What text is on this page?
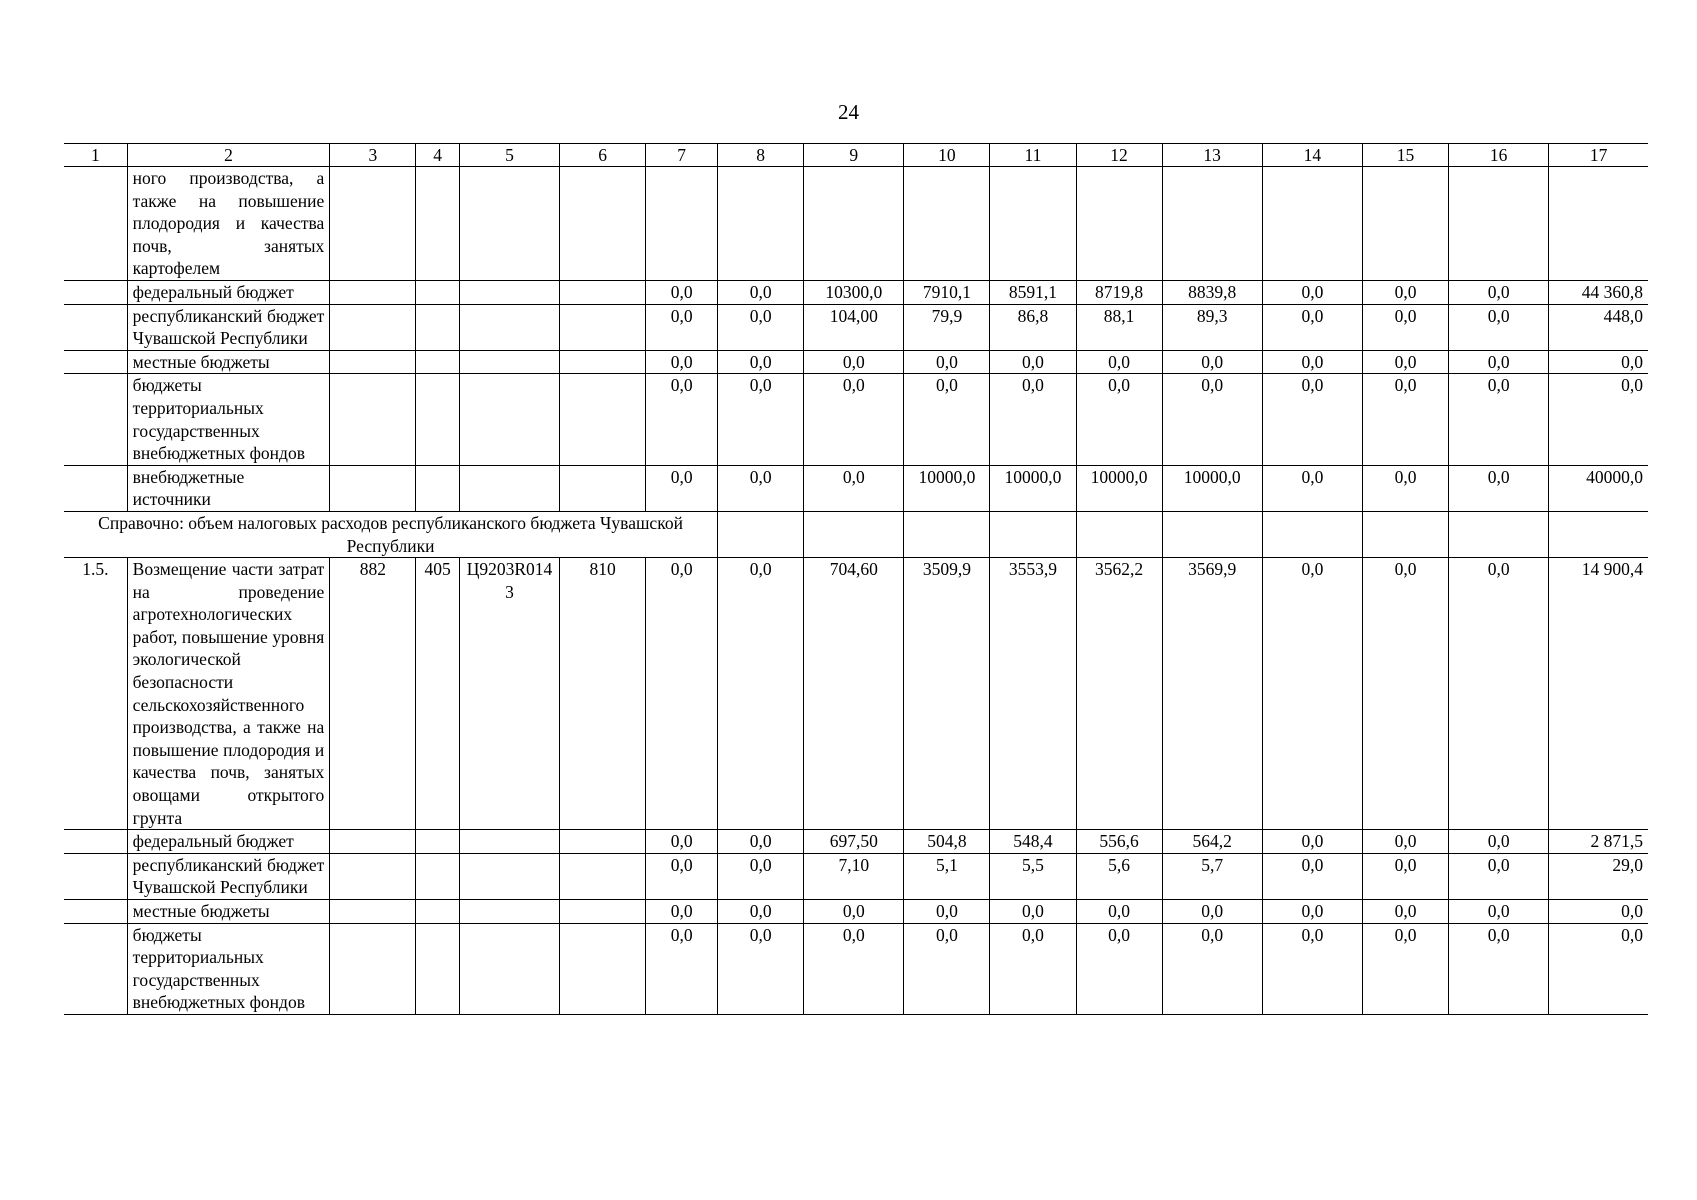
24
1	2	3	4	5	6	7	8	9	10	11	12	13	14	15	16	17
	ного производства, а также на повышение плодородия и качества почв, занятых картофелем															
	федеральный бюджет					0,0	0,0	10300,0	7910,1	8591,1	8719,8	8839,8	0,0	0,0	0,0	44 360,8
	республиканский бюджет Чувашской Республики					0,0	0,0	104,00	79,9	86,8	88,1	89,3	0,0	0,0	0,0	448,0
	местные бюджеты					0,0	0,0	0,0	0,0	0,0	0,0	0,0	0,0	0,0	0,0	0,0
	бюджеты территориальных государственных внебюджетных фондов					0,0	0,0	0,0	0,0	0,0	0,0	0,0	0,0	0,0	0,0	0,0
	внебюджетные источники					0,0	0,0	0,0	10000,0	10000,0	10000,0	10000,0	0,0	0,0	0,0	40000,0
Справочно: объем налоговых расходов республиканского бюджета Чувашской Республики																
1.5.	Возмещение части затрат на проведение агротехнологических работ, повышение уровня экологической безопасности сельскохозяйственного производства, а также на повышение плодородия и качества почв, занятых овощами открытого грунта	882	405	Ц9203R0143	810	0,0	0,0	704,60	3509,9	3553,9	3562,2	3569,9	0,0	0,0	0,0	14 900,4
	федеральный бюджет					0,0	0,0	697,50	504,8	548,4	556,6	564,2	0,0	0,0	0,0	2 871,5
	республиканский бюджет Чувашской Республики					0,0	0,0	7,10	5,1	5,5	5,6	5,7	0,0	0,0	0,0	29,0
	местные бюджеты					0,0	0,0	0,0	0,0	0,0	0,0	0,0	0,0	0,0	0,0	0,0
	бюджеты территориальных государственных внебюджетных фондов					0,0	0,0	0,0	0,0	0,0	0,0	0,0	0,0	0,0	0,0	0,0
